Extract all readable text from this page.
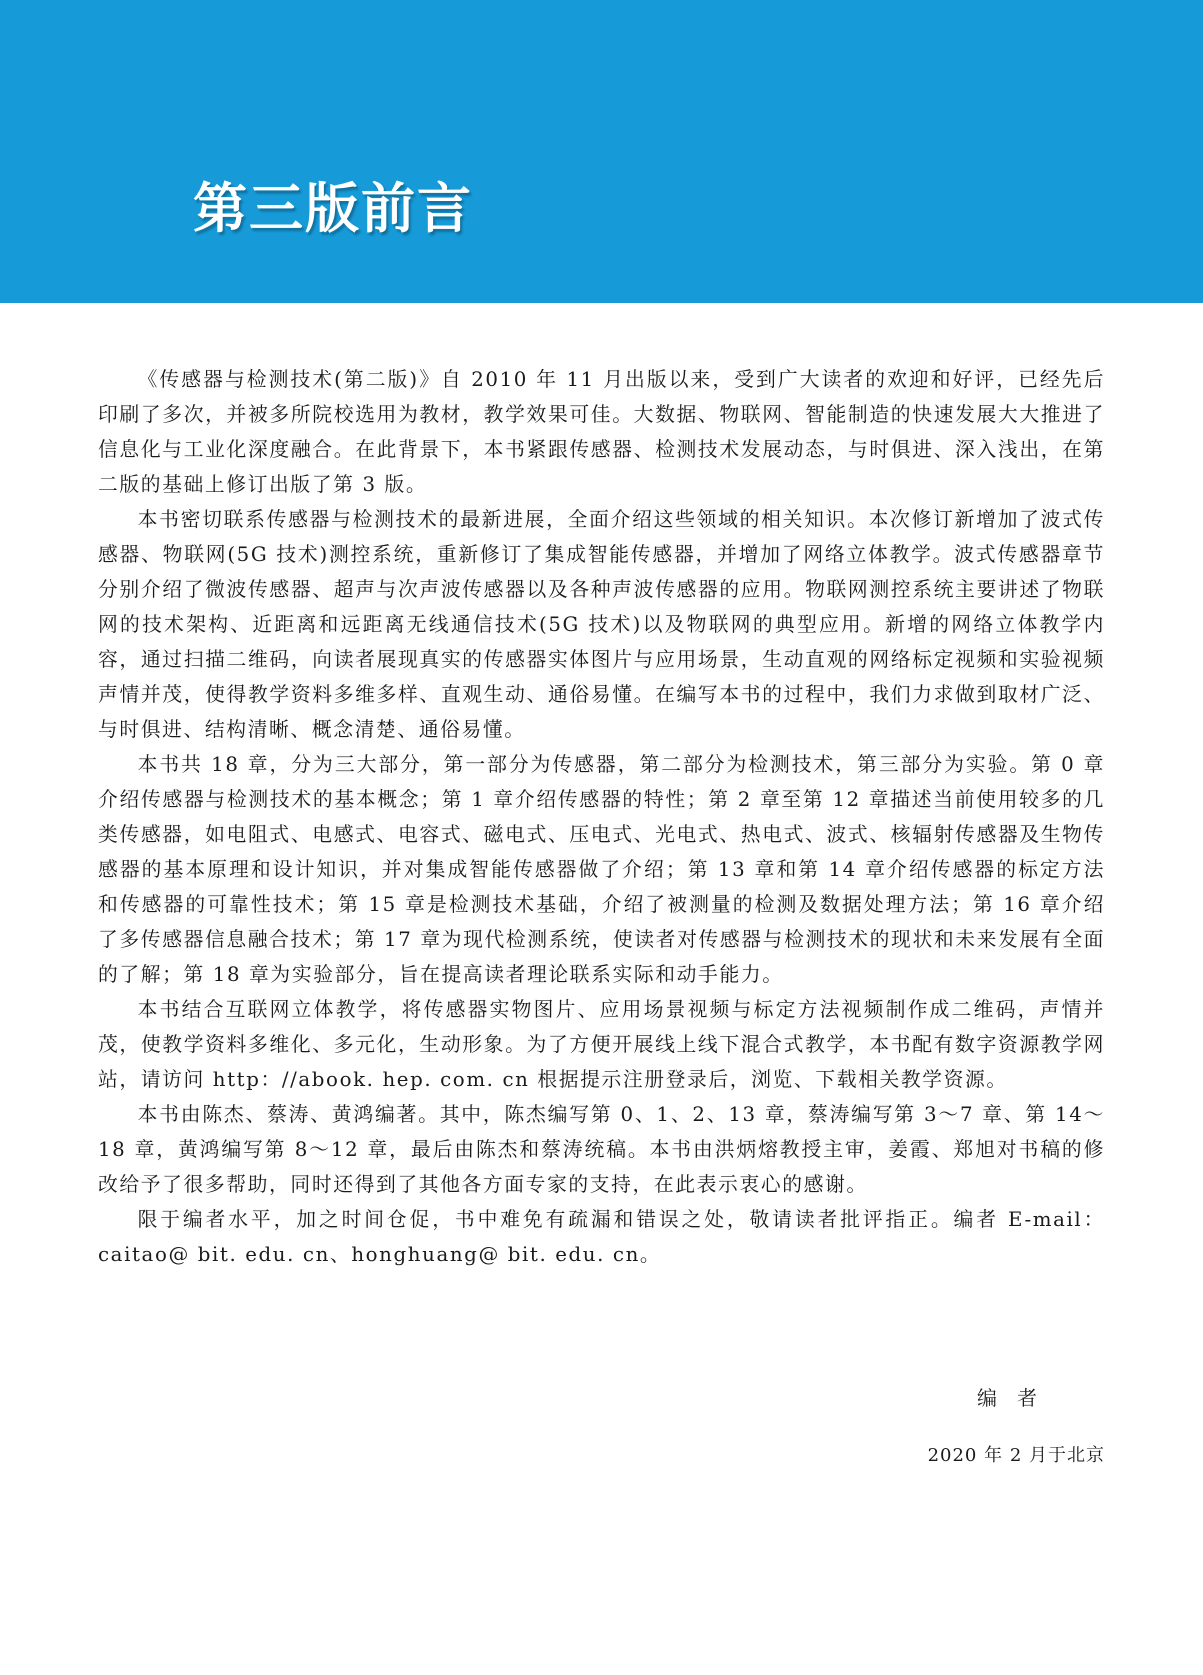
第三版前言

《传感器与检测技术(第二版)》自 2010 年 11 月出版以来，受到广大读者的欢迎和好评，已经先后印刷了多次，并被多所院校选用为教材，教学效果可佳。大数据、物联网、智能制造的快速发展大大推进了信息化与工业化深度融合。在此背景下，本书紧跟传感器、检测技术发展动态，与时俱进、深入浅出，在第二版的基础上修订出版了第 3 版。

本书密切联系传感器与检测技术的最新进展，全面介绍这些领域的相关知识。本次修订新增加了波式传感器、物联网(5G 技术)测控系统，重新修订了集成智能传感器，并增加了网络立体教学。波式传感器章节分别介绍了微波传感器、超声与次声波传感器以及各种声波传感器的应用。物联网测控系统主要讲述了物联网的技术架构、近距离和远距离无线通信技术(5G 技术)以及物联网的典型应用。新增的网络立体教学内容，通过扫描二维码，向读者展现真实的传感器实体图片与应用场景，生动直观的网络标定视频和实验视频声情并茂，使得教学资料多维多样、直观生动、通俗易懂。在编写本书的过程中，我们力求做到取材广泛、与时俱进、结构清晰、概念清楚、通俗易懂。

本书共 18 章，分为三大部分，第一部分为传感器，第二部分为检测技术，第三部分为实验。第 0 章介绍传感器与检测技术的基本概念；第 1 章介绍传感器的特性；第 2 章至第 12 章描述当前使用较多的几类传感器，如电阻式、电感式、电容式、磁电式、压电式、光电式、热电式、波式、核辐射传感器及生物传感器的基本原理和设计知识，并对集成智能传感器做了介绍；第 13 章和第 14 章介绍传感器的标定方法和传感器的可靠性技术；第 15 章是检测技术基础，介绍了被测量的检测及数据处理方法；第 16 章介绍了多传感器信息融合技术；第 17 章为现代检测系统，使读者对传感器与检测技术的现状和未来发展有全面的了解；第 18 章为实验部分，旨在提高读者理论联系实际和动手能力。

本书结合互联网立体教学，将传感器实物图片、应用场景视频与标定方法视频制作成二维码，声情并茂，使教学资料多维化、多元化，生动形象。为了方便开展线上线下混合式教学，本书配有数字资源教学网站，请访问 http：//abook. hep. com. cn 根据提示注册登录后，浏览、下载相关教学资源。

本书由陈杰、蔡涛、黄鸿编著。其中，陈杰编写第 0、1、2、13 章，蔡涛编写第 3～7 章、第 14～18 章，黄鸿编写第 8～12 章，最后由陈杰和蔡涛统稿。本书由洪炳熔教授主审，姜霞、郑旭对书稿的修改给予了很多帮助，同时还得到了其他各方面专家的支持，在此表示衷心的感谢。

限于编者水平，加之时间仓促，书中难免有疏漏和错误之处，敬请读者批评指正。编者 E-mail：caitao@ bit. edu. cn、honghuang@ bit. edu. cn。

编者
2020 年 2 月于北京
